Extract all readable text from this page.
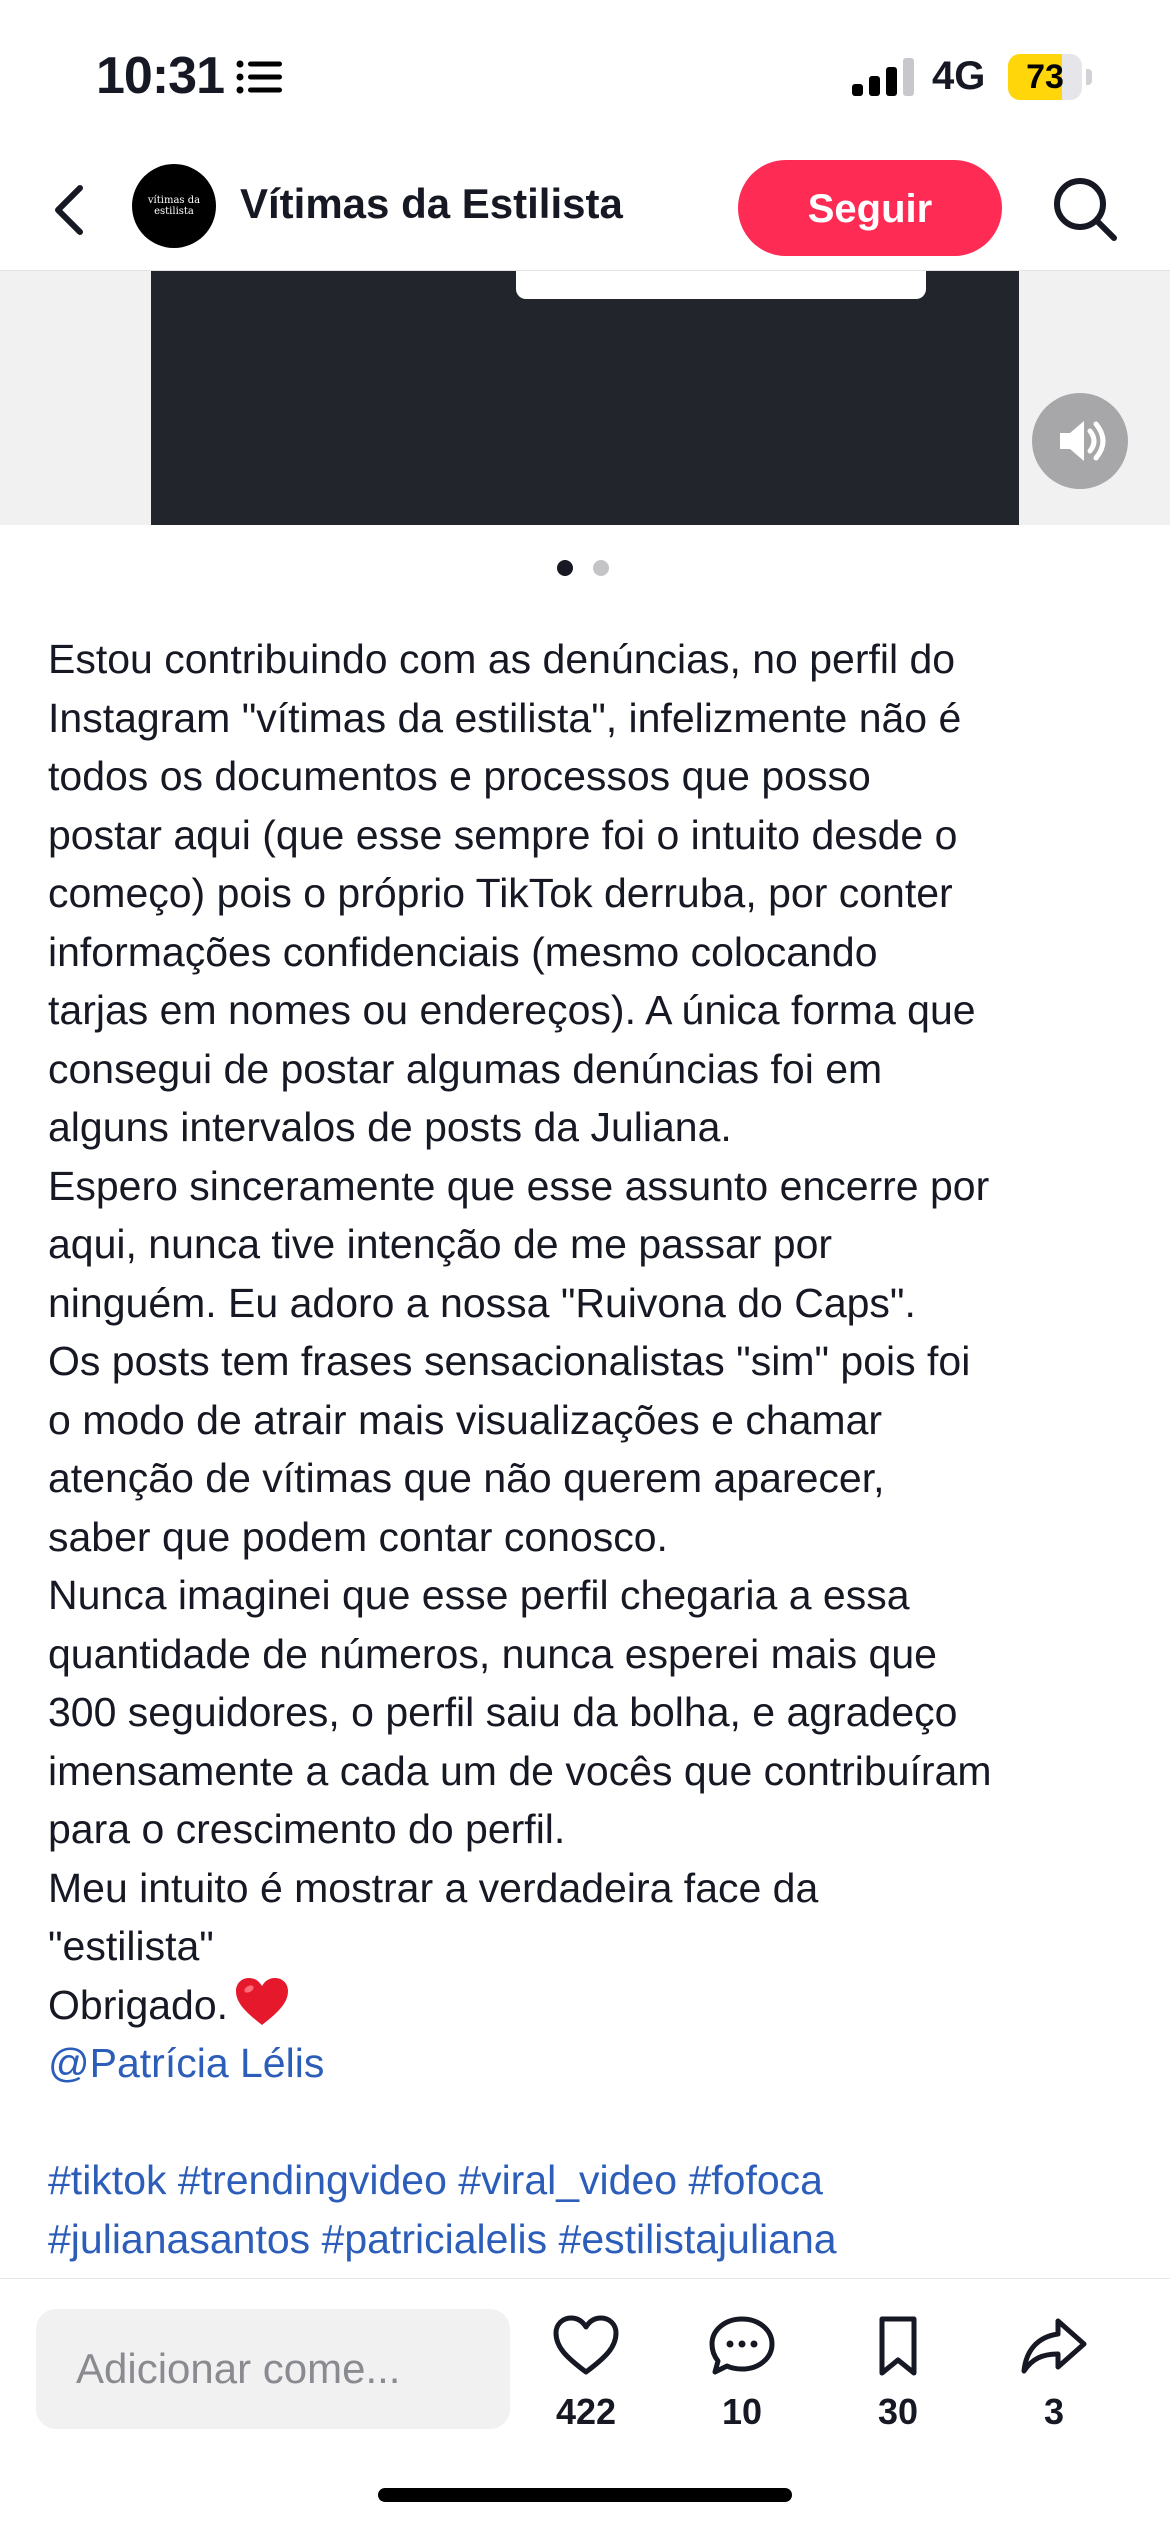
10:31	4G	73
vítimas da estilista	Vítimas da Estilista	Seguir
Estou contribuindo com as denúncias, no perfil do
Instagram "vítimas da estilista", infelizmente não é
todos os documentos e processos que posso
postar aqui (que esse sempre foi o intuito desde o
começo) pois o próprio TikTok derruba, por conter
informações confidenciais (mesmo colocando
tarjas em nomes ou endereços). A única forma que
consegui de postar algumas denúncias foi em
alguns intervalos de posts da Juliana.
Espero sinceramente que esse assunto encerre por
aqui, nunca tive intenção de me passar por
ninguém. Eu adoro a nossa "Ruivona do Caps".
Os posts tem frases sensacionalistas "sim" pois foi
o modo de atrair mais visualizações e chamar
atenção de vítimas que não querem aparecer,
saber que podem contar conosco.
Nunca imaginei que esse perfil chegaria a essa
quantidade de números, nunca esperei mais que
300 seguidores, o perfil saiu da bolha, e agradeço
imensamente a cada um de vocês que contribuíram
para o crescimento do perfil.
Meu intuito é mostrar a verdadeira face da
"estilista"
Obrigado.
@Patrícia Lélis
#tiktok #trendingvideo #viral_video #fofoca
#julianasantos #patricialelis #estilistajuliana
Adicionar come...
422	10	30	3
